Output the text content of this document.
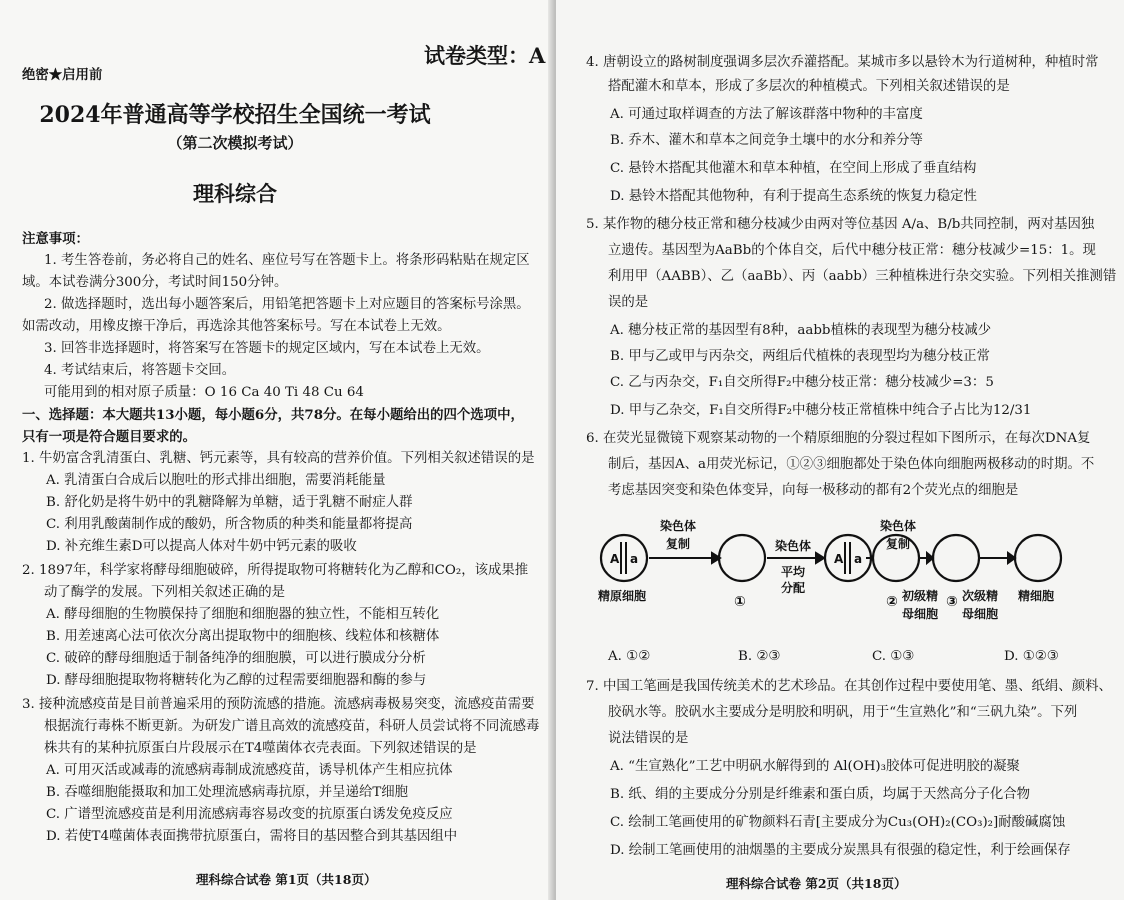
绝密★启用前
2024年普通高等学校招生全国统一考试
（第二次模拟考试）
理科综合
注意事项：
1. 考生答卷前，务必将自己的姓名、座位号写在答题卡上。将条形码粘贴在规定区
域。本试卷满分300分，考试时间150分钟。
2. 做选择题时，选出每小题答案后，用铅笔把答题卡上对应题目的答案标号涂黑。
如需改动，用橡皮擦干净后，再选涂其他答案标号。写在本试卷上无效。
3. 回答非选择题时，将答案写在答题卡的规定区域内，写在本试卷上无效。
4. 考试结束后，将答题卡交回。
可能用到的相对原子质量：O 16 Ca 40 Ti 48 Cu 64
一、选择题：本大题共13小题，每小题6分，共78分。在每小题给出的四个选项中，
只有一项是符合题目要求的。
1. 牛奶富含乳清蛋白、乳糖、钙元素等，具有较高的营养价值。下列相关叙述错误的是
A. 乳清蛋白合成后以胞吐的形式排出细胞，需要消耗能量
B. 舒化奶是将牛奶中的乳糖降解为单糖，适于乳糖不耐症人群
C. 利用乳酸菌制作成的酸奶，所含物质的种类和能量都将提高
D. 补充维生素D可以提高人体对牛奶中钙元素的吸收
2. 1897年，科学家将酵母细胞破碎，所得提取物可将糖转化为乙醇和CO₂，该成果推
动了酶学的发展。下列相关叙述正确的是
A. 酵母细胞的生物膜保持了细胞和细胞器的独立性，不能相互转化
B. 用差速离心法可依次分离出提取物中的细胞核、线粒体和核糖体
C. 破碎的酵母细胞适于制备纯净的细胞膜，可以进行膜成分分析
D. 酵母细胞提取物将糖转化为乙醇的过程需要细胞器和酶的参与
3. 接种流感疫苗是目前普遍采用的预防流感的措施。流感病毒极易突变，流感疫苗需要
根据流行毒株不断更新。为研发广谱且高效的流感疫苗，科研人员尝试将不同流感毒
株共有的某种抗原蛋白片段展示在T4噬菌体衣壳表面。下列叙述错误的是
A. 可用灭活或减毒的流感病毒制成流感疫苗，诱导机体产生相应抗体
B. 吞噬细胞能摄取和加工处理流感病毒抗原，并呈递给T细胞
C. 广谱型流感疫苗是利用流感病毒容易改变的抗原蛋白诱发免疫反应
D. 若使T4噬菌体表面携带抗原蛋白，需将目的基因整合到其基因组中
理科综合试卷 第1页（共18页）
试卷类型：A	4. 唐朝设立的路树制度强调多层次乔灌搭配。某城市多以悬铃木为行道树种，种植时常
搭配灌木和草本，形成了多层次的种植模式。下列相关叙述错误的是
A. 可通过取样调查的方法了解该群落中物种的丰富度
B. 乔木、灌木和草本之间竞争土壤中的水分和养分等
C. 悬铃木搭配其他灌木和草本种植，在空间上形成了垂直结构
D. 悬铃木搭配其他物种，有利于提高生态系统的恢复力稳定性
5. 某作物的穗分枝正常和穗分枝减少由两对等位基因 A/a、B/b共同控制，两对基因独
立遗传。基因型为AaBb的个体自交，后代中穗分枝正常：穗分枝减少=15：1。现
利用甲（AABB）、乙（aaBb）、丙（aabb）三种植株进行杂交实验。下列相关推测错
误的是
A. 穗分枝正常的基因型有8种，aabb植株的表现型为穗分枝减少
B. 甲与乙或甲与丙杂交，两组后代植株的表现型均为穗分枝正常
C. 乙与丙杂交，F₁自交所得F₂中穗分枝正常：穗分枝减少=3：5
D. 甲与乙杂交，F₁自交所得F₂中穗分枝正常植株中纯合子占比为12/31
6. 在荧光显微镜下观察某动物的一个精原细胞的分裂过程如下图所示，在每次DNA复
制后，基因A、a用荧光标记，①②③细胞都处于染色体向细胞两极移动的时期。不
考虑基因突变和染色体变异，向每一极移动的都有2个荧光点的细胞是
A a	A a
染色体
复制	染色体
平均
分配
染色体
复制
精原细胞	①	② 初级精
母细胞
③ 次级精
母细胞
精细胞
A. ①②	B. ②③	C. ①③	D. ①②③
7. 中国工笔画是我国传统美术的艺术珍品。在其创作过程中要使用笔、墨、纸绢、颜料、
胶矾水等。胶矾水主要成分是明胶和明矾，用于“生宣熟化”和“三矾九染”。下列
说法错误的是
A. “生宣熟化”工艺中明矾水解得到的 Al(OH)₃胶体可促进明胶的凝聚
B. 纸、绢的主要成分分别是纤维素和蛋白质，均属于天然高分子化合物
C. 绘制工笔画使用的矿物颜料石青[主要成分为Cu₃(OH)₂(CO₃)₂]耐酸碱腐蚀
D. 绘制工笔画使用的油烟墨的主要成分炭黑具有很强的稳定性，利于绘画保存
理科综合试卷 第2页（共18页）
